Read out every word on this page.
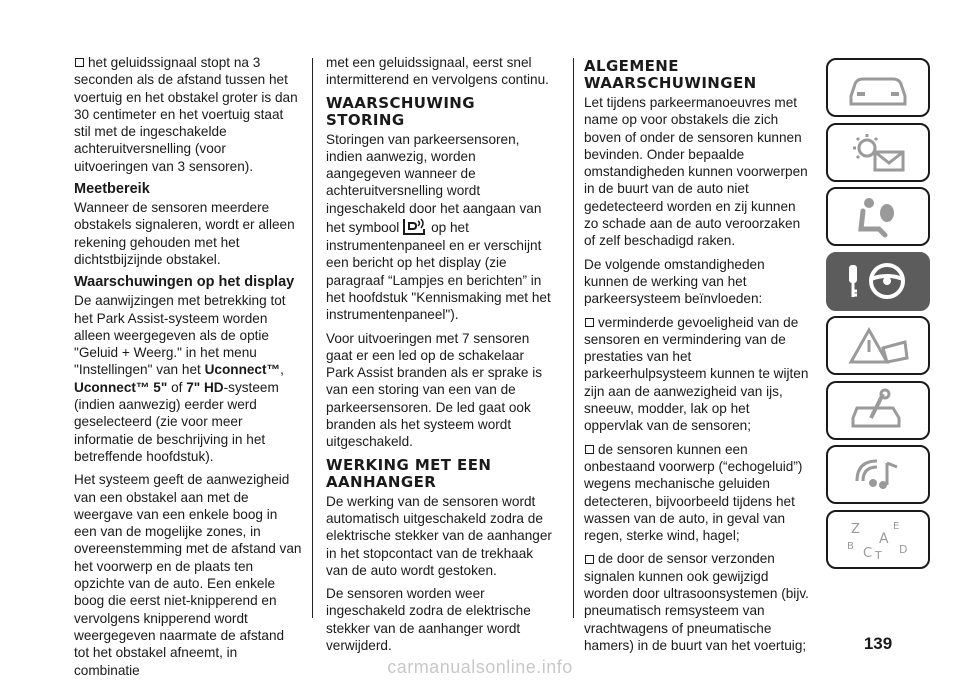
het geluidssignaal stopt na 3 seconden als de afstand tussen het voertuig en het obstakel groter is dan 30 centimeter en het voertuig staat stil met de ingeschakelde achteruitversnelling (voor uitvoeringen van 3 sensoren).

Meetbereik

Wanneer de sensoren meerdere obstakels signaleren, wordt er alleen rekening gehouden met het dichtstbijzijnde obstakel.

Waarschuwingen op het display

De aanwijzingen met betrekking tot het Park Assist-systeem worden alleen weergegeven als de optie "Geluid + Weerg." in het menu "Instellingen" van het Uconnect™, Uconnect™ 5" of 7" HD-systeem (indien aanwezig) eerder werd geselecteerd (zie voor meer informatie de beschrijving in het betreffende hoofdstuk).

Het systeem geeft de aanwezigheid van een obstakel aan met de weergave van een enkele boog in een van de mogelijke zones, in overeenstemming met de afstand van het voorwerp en de plaats ten opzichte van de auto. Een enkele boog die eerst niet-knipperend en vervolgens knipperend wordt weergegeven naarmate de afstand tot het obstakel afneemt, in combinatie

met een geluidssignaal, eerst snel intermitterend en vervolgens continu.

WAARSCHUWING STORING

Storingen van parkeersensoren, indien aanwezig, worden aangegeven wanneer de achteruitversnelling wordt ingeschakeld door het aangaan van het symbool op het instrumentenpaneel en er verschijnt een bericht op het display (zie paragraaf “Lampjes en berichten” in het hoofdstuk "Kennismaking met het instrumentenpaneel").

Voor uitvoeringen met 7 sensoren gaat er een led op de schakelaar Park Assist branden als er sprake is van een storing van een van de parkeersensoren. De led gaat ook branden als het systeem wordt uitgeschakeld.

WERKING MET EEN AANHANGER

De werking van de sensoren wordt automatisch uitgeschakeld zodra de elektrische stekker van de aanhanger in het stopcontact van de trekhaak van de auto wordt gestoken.

De sensoren worden weer ingeschakeld zodra de elektrische stekker van de aanhanger wordt verwijderd.

ALGEMENE WAARSCHUWINGEN

Let tijdens parkeermanoeuvres met name op voor obstakels die zich boven of onder de sensoren kunnen bevinden. Onder bepaalde omstandigheden kunnen voorwerpen in de buurt van de auto niet gedetecteerd worden en zij kunnen zo schade aan de auto veroorzaken of zelf beschadigd raken.

De volgende omstandigheden kunnen de werking van het parkeersysteem beïnvloeden:

verminderde gevoeligheid van de sensoren en vermindering van de prestaties van het parkeerhulpsysteem kunnen te wijten zijn aan de aanwezigheid van ijs, sneeuw, modder, lak op het oppervlak van de sensoren;

de sensoren kunnen een onbestaand voorwerp (“echogeluid”) wegens mechanische geluiden detecteren, bijvoorbeeld tijdens het wassen van de auto, in geval van regen, sterke wind, hagel;

de door de sensor verzonden signalen kunnen ook gewijzigd worden door ultrasoonsystemen (bijv. pneumatisch remsysteem van vrachtwagens of pneumatische hamers) in de buurt van het voertuig;

Z	E
A
B C T D
139
carmanualsonline.info
